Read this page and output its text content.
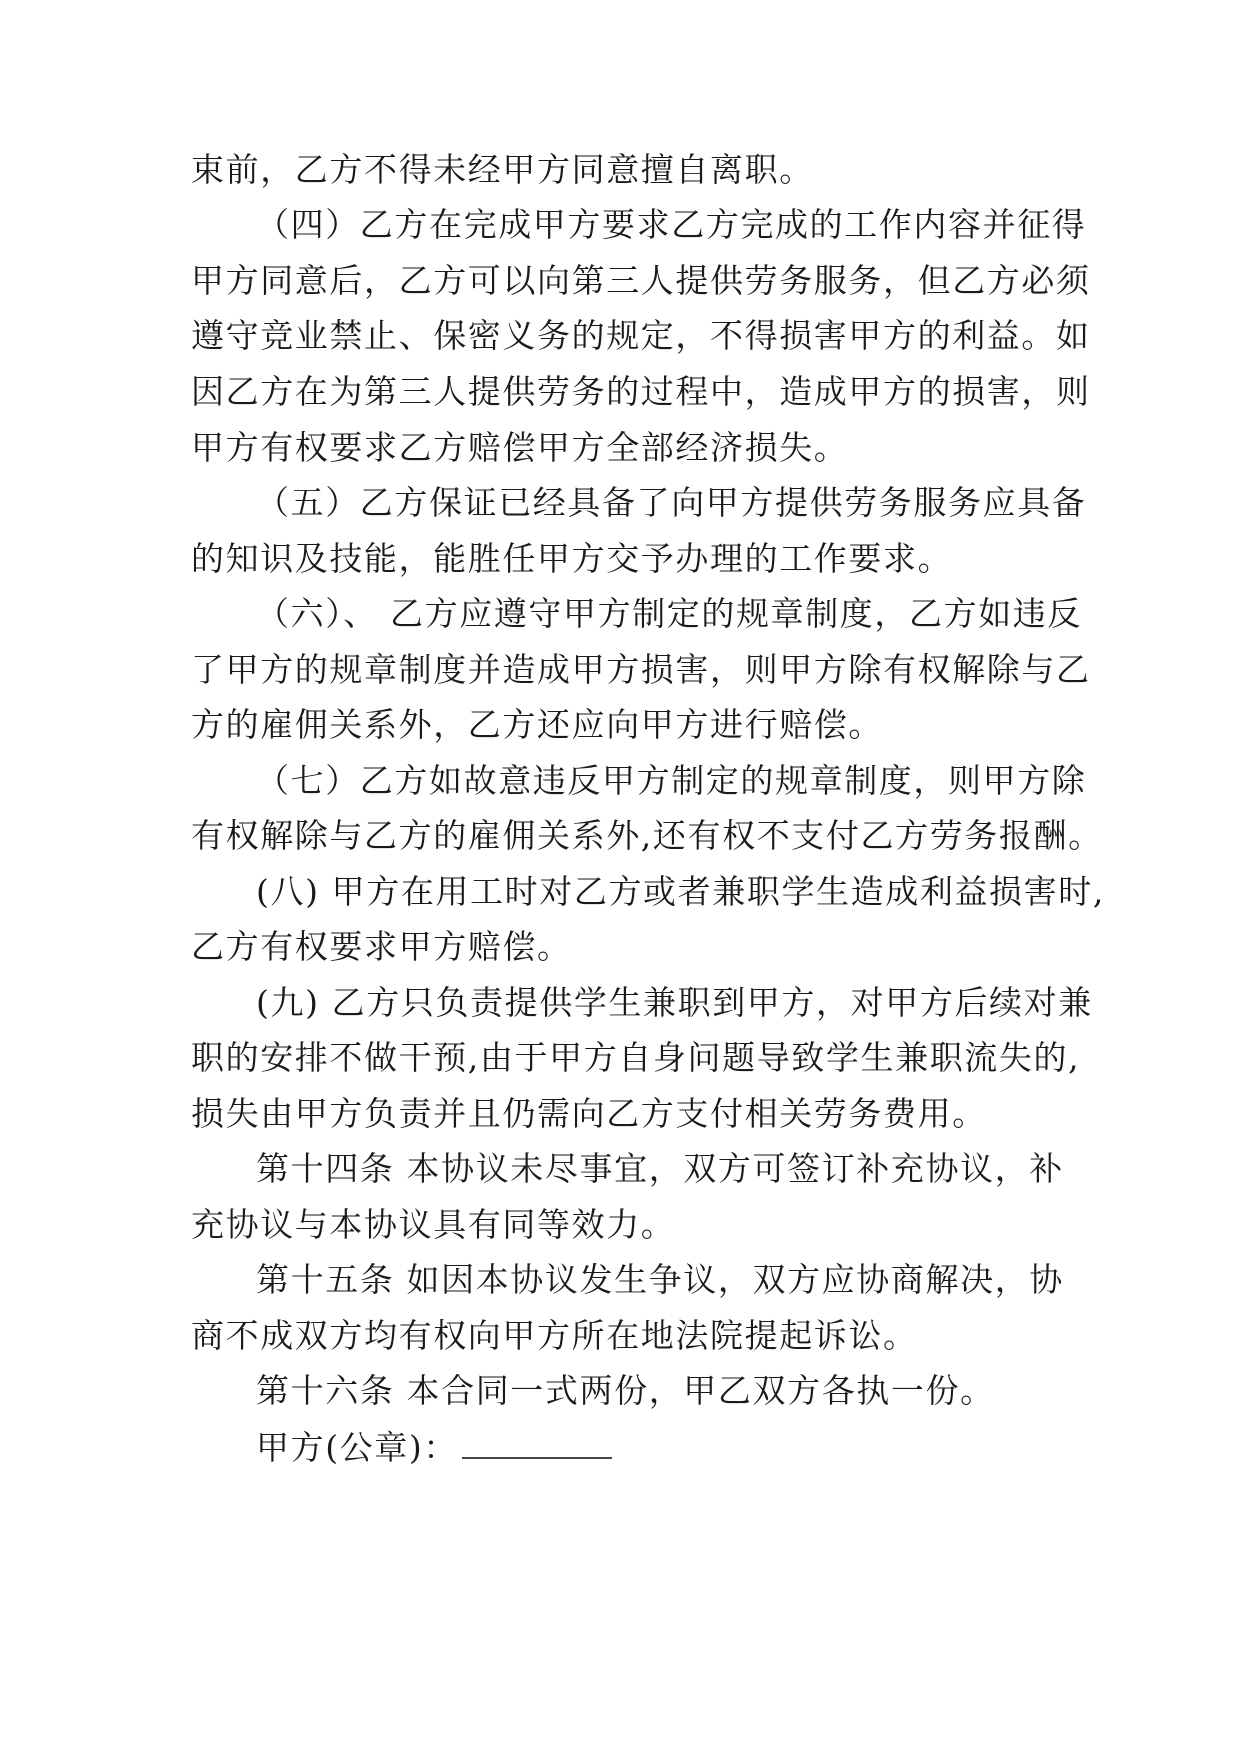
束前，乙方不得未经甲方同意擅自离职。
（四）乙方在完成甲方要求乙方完成的工作内容并征得
甲方同意后，乙方可以向第三人提供劳务服务，但乙方必须
遵守竞业禁止、保密义务的规定，不得损害甲方的利益。如
因乙方在为第三人提供劳务的过程中，造成甲方的损害，则
甲方有权要求乙方赔偿甲方全部经济损失。
（五）乙方保证已经具备了向甲方提供劳务服务应具备
的知识及技能，能胜任甲方交予办理的工作要求。
（六）、 乙方应遵守甲方制定的规章制度，乙方如违反
了甲方的规章制度并造成甲方损害，则甲方除有权解除与乙
方的雇佣关系外，乙方还应向甲方进行赔偿。
（七）乙方如故意违反甲方制定的规章制度，则甲方除
有权解除与乙方的雇佣关系外,还有权不支付乙方劳务报酬。
(八) 甲方在用工时对乙方或者兼职学生造成利益损害时,
乙方有权要求甲方赔偿。
(九) 乙方只负责提供学生兼职到甲方，对甲方后续对兼
职的安排不做干预,由于甲方自身问题导致学生兼职流失的,
损失由甲方负责并且仍需向乙方支付相关劳务费用。
第十四条 本协议未尽事宜，双方可签订补充协议，补
充协议与本协议具有同等效力。
第十五条 如因本协议发生争议，双方应协商解决，协
商不成双方均有权向甲方所在地法院提起诉讼。
第十六条 本合同一式两份，甲乙双方各执一份。
甲方(公章)：
